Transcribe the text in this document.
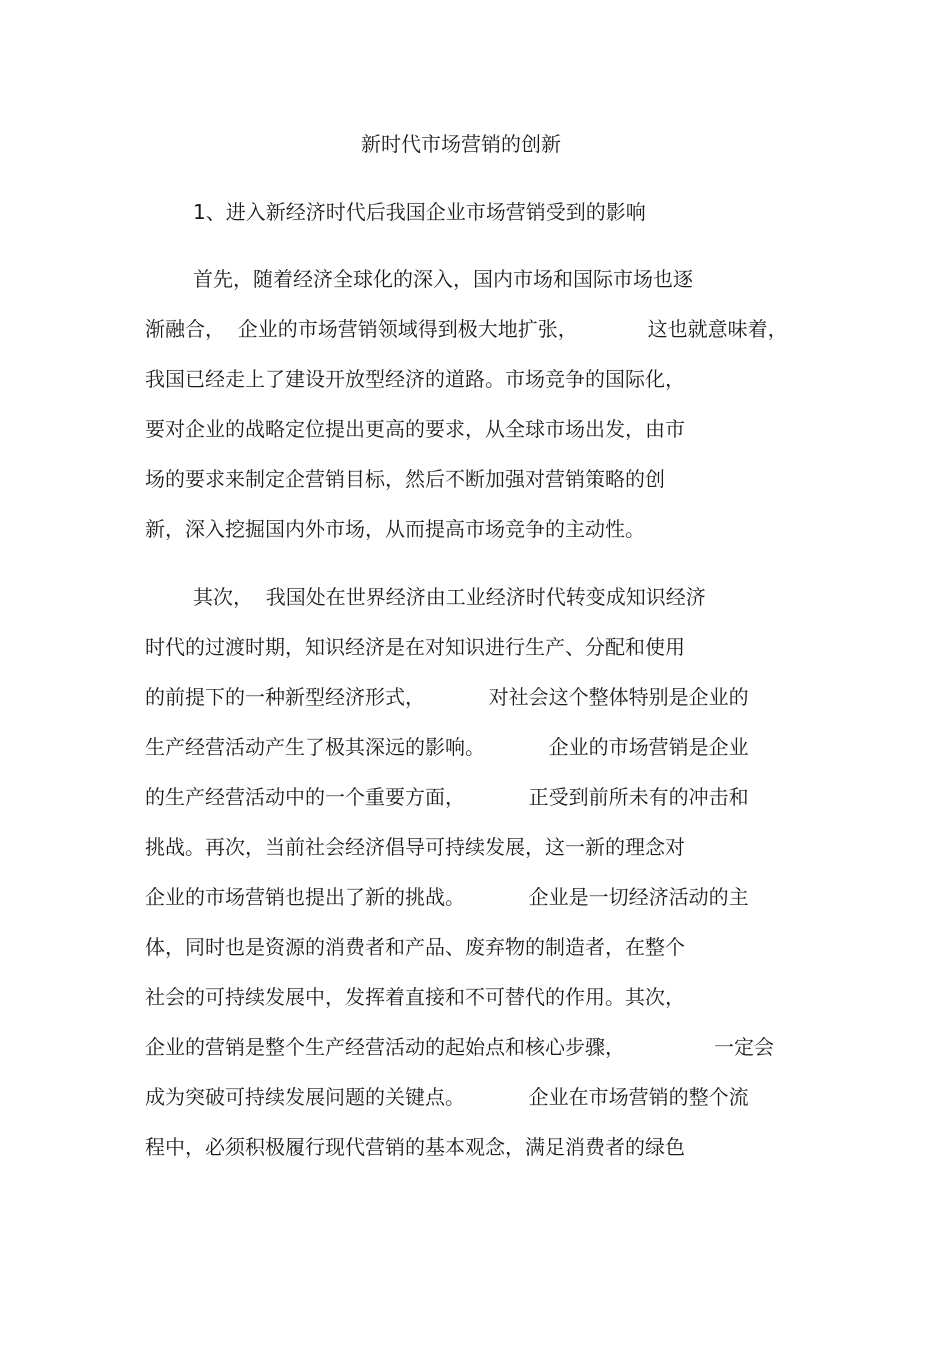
新时代市场营销的创新

1、进入新经济时代后我国企业市场营销受到的影响

首先，随着经济全球化的深入，国内市场和国际市场也逐

渐融合，  企业的市场营销领域得到极大地扩张，           这也就意味着，

我国已经走上了建设开放型经济的道路。市场竞争的国际化，

要对企业的战略定位提出更高的要求，从全球市场出发，由市

场的要求来制定企营销目标，然后不断加强对营销策略的创

新，深入挖掘国内外市场，从而提高市场竞争的主动性。

其次，  我国处在世界经济由工业经济时代转变成知识经济

时代的过渡时期，知识经济是在对知识进行生产、分配和使用

的前提下的一种新型经济形式，          对社会这个整体特别是企业的

生产经营活动产生了极其深远的影响。          企业的市场营销是企业

的生产经营活动中的一个重要方面，          正受到前所未有的冲击和

挑战。再次，当前社会经济倡导可持续发展，这一新的理念对

企业的市场营销也提出了新的挑战。          企业是一切经济活动的主

体，同时也是资源的消费者和产品、废弃物的制造者，在整个

社会的可持续发展中，发挥着直接和不可替代的作用。其次，

企业的营销是整个生产经营活动的起始点和核心步骤，              一定会

成为突破可持续发展问题的关键点。          企业在市场营销的整个流

程中，必须积极履行现代营销的基本观念，满足消费者的绿色
